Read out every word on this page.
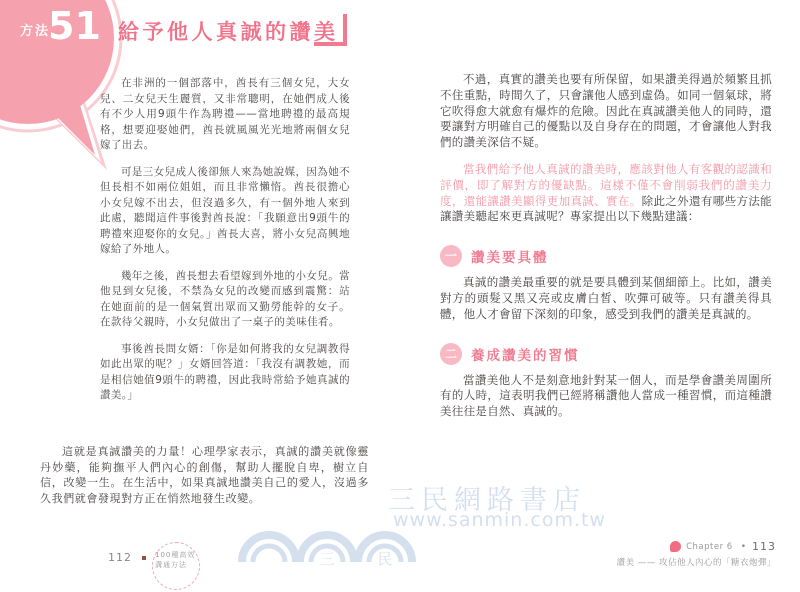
方法
51 給予他人真誠的讚美

在非洲的一個部落中，酋長有三個女兒，大女兒、二女兒天生麗質，又非常聰明，在她們成人後有不少人用9頭牛作為聘禮——當地聘禮的最高規格，想要迎娶她們，酋長就風風光光地將兩個女兒嫁了出去。

可是三女兒成人後卻無人來為她說媒，因為她不但長相不如兩位姐姐，而且非常懶惰。酋長很擔心小女兒嫁不出去，但沒過多久，有一個外地人來到此處，聽聞這件事後對酋長說：「我願意出9頭牛的聘禮來迎娶你的女兒。」酋長大喜，將小女兒高興地嫁給了外地人。

幾年之後，酋長想去看望嫁到外地的小女兒。當他見到女兒後，不禁為女兒的改變而感到震驚：站在她面前的是一個氣質出眾而又勤勞能幹的女子。在款待父親時，小女兒做出了一桌子的美味佳肴。

事後酋長問女婿：「你是如何將我的女兒調教得如此出眾的呢？」女婿回答道：「我沒有調教她，而是相信她值9頭牛的聘禮，因此我時常給予她真誠的讚美。」

這就是真誠讚美的力量！心理學家表示，真誠的讚美就像靈丹妙藥，能夠撫平人們內心的創傷，幫助人擺脫自卑，樹立自信，改變一生。在生活中，如果真誠地讚美自己的愛人，沒過多久我們就會發現對方正在悄然地發生改變。

112	100種高效
溝通方法

不過，真實的讚美也要有所保留，如果讚美得過於頻繁且抓不住重點，時間久了，只會讓他人感到虛偽。如同一個氣球，將它吹得愈大就愈有爆炸的危險。因此在真誠讚美他人的同時，還要讓對方明確自己的優點以及自身存在的問題，才會讓他人對我們的讚美深信不疑。

當我們給予他人真誠的讚美時，應該對他人有客觀的認識和評價，即了解對方的優缺點。這樣不僅不會削弱我們的讚美力度，還能讓讚美顯得更加真誠、實在。除此之外還有哪些方法能讓讚美聽起來更真誠呢？專家提出以下幾點建議：

一	讚美要具體

真誠的讚美最重要的就是要具體到某個細節上。比如，讚美對方的頭髮又黑又亮或皮膚白皙、吹彈可破等。只有讚美得具體，他人才會留下深刻的印象，感受到我們的讚美是真誠的。

二	養成讚美的習慣

當讚美他人不是刻意地針對某一個人，而是學會讚美周圍所有的人時，這表明我們已經將稱讚他人當成一種習慣，而這種讚美往往是自然、真誠的。

Chapter 6 • 113
讚美 —— 攻佔他人內心的「糖衣炮彈」
三	民
三民網路書店
www.sanmin.com.tw
